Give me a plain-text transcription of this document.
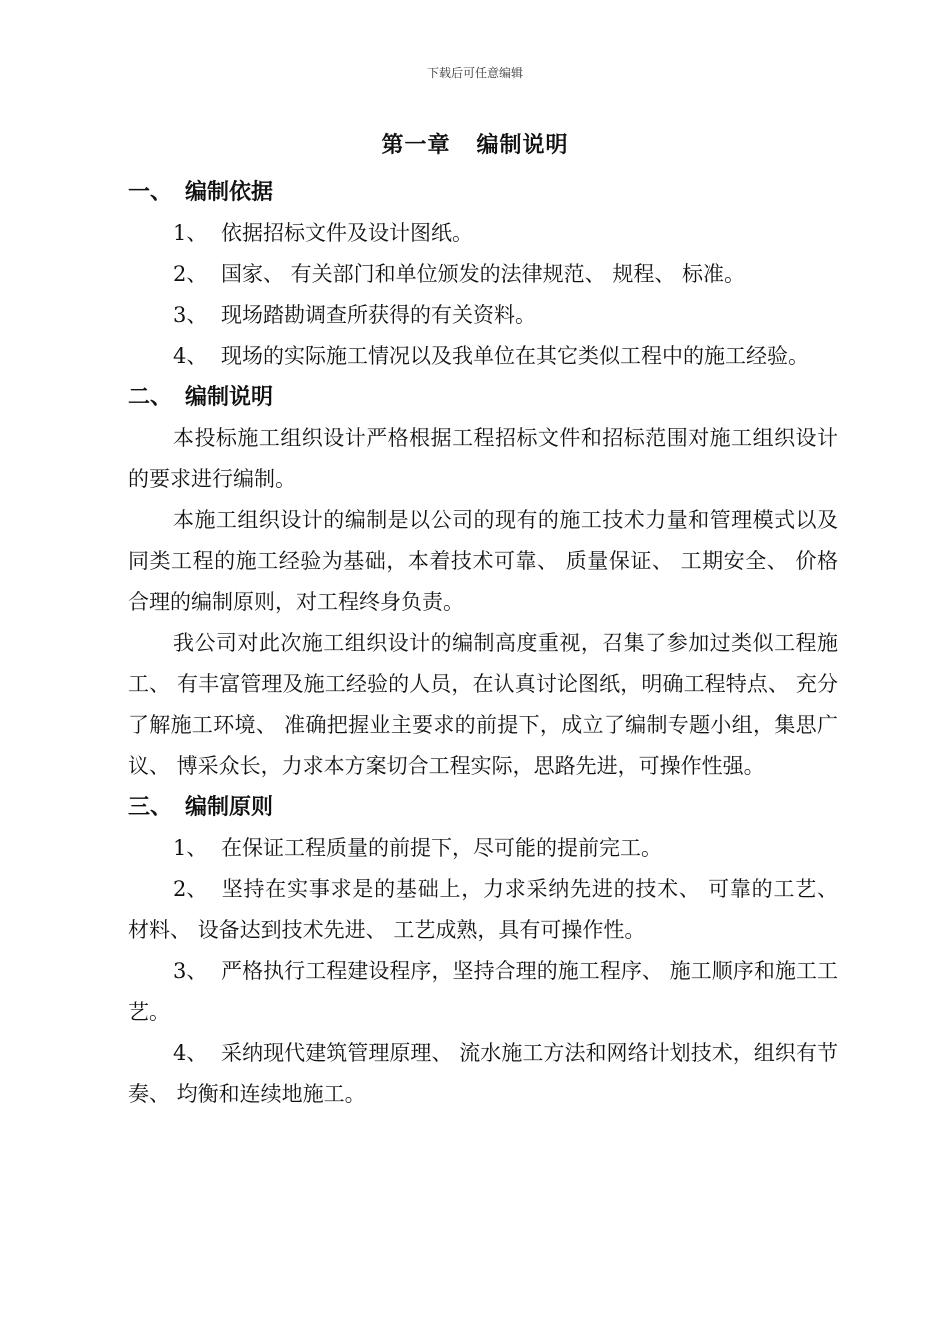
下载后可任意编辑
第一章 编制说明
一、 编制依据

1、 依据招标文件及设计图纸。

2、 国家、 有关部门和单位颁发的法律规范、 规程、 标准。

3、 现场踏勘调查所获得的有关资料。

4、 现场的实际施工情况以及我单位在其它类似工程中的施工经验。

二、 编制说明

本投标施工组织设计严格根据工程招标文件和招标范围对施工组织设计的要求进行编制。

本施工组织设计的编制是以公司的现有的施工技术力量和管理模式以及同类工程的施工经验为基础，本着技术可靠、 质量保证、 工期安全、 价格合理的编制原则，对工程终身负责。

我公司对此次施工组织设计的编制高度重视，召集了参加过类似工程施工、 有丰富管理及施工经验的人员，在认真讨论图纸，明确工程特点、 充分了解施工环境、 准确把握业主要求的前提下，成立了编制专题小组，集思广议、 博采众长，力求本方案切合工程实际，思路先进，可操作性强。

三、 编制原则

1、 在保证工程质量的前提下，尽可能的提前完工。

2、 坚持在实事求是的基础上，力求采纳先进的技术、 可靠的工艺、 材料、 设备达到技术先进、 工艺成熟，具有可操作性。

3、 严格执行工程建设程序，坚持合理的施工程序、 施工顺序和施工工艺。

4、 采纳现代建筑管理原理、 流水施工方法和网络计划技术，组织有节奏、 均衡和连续地施工。
